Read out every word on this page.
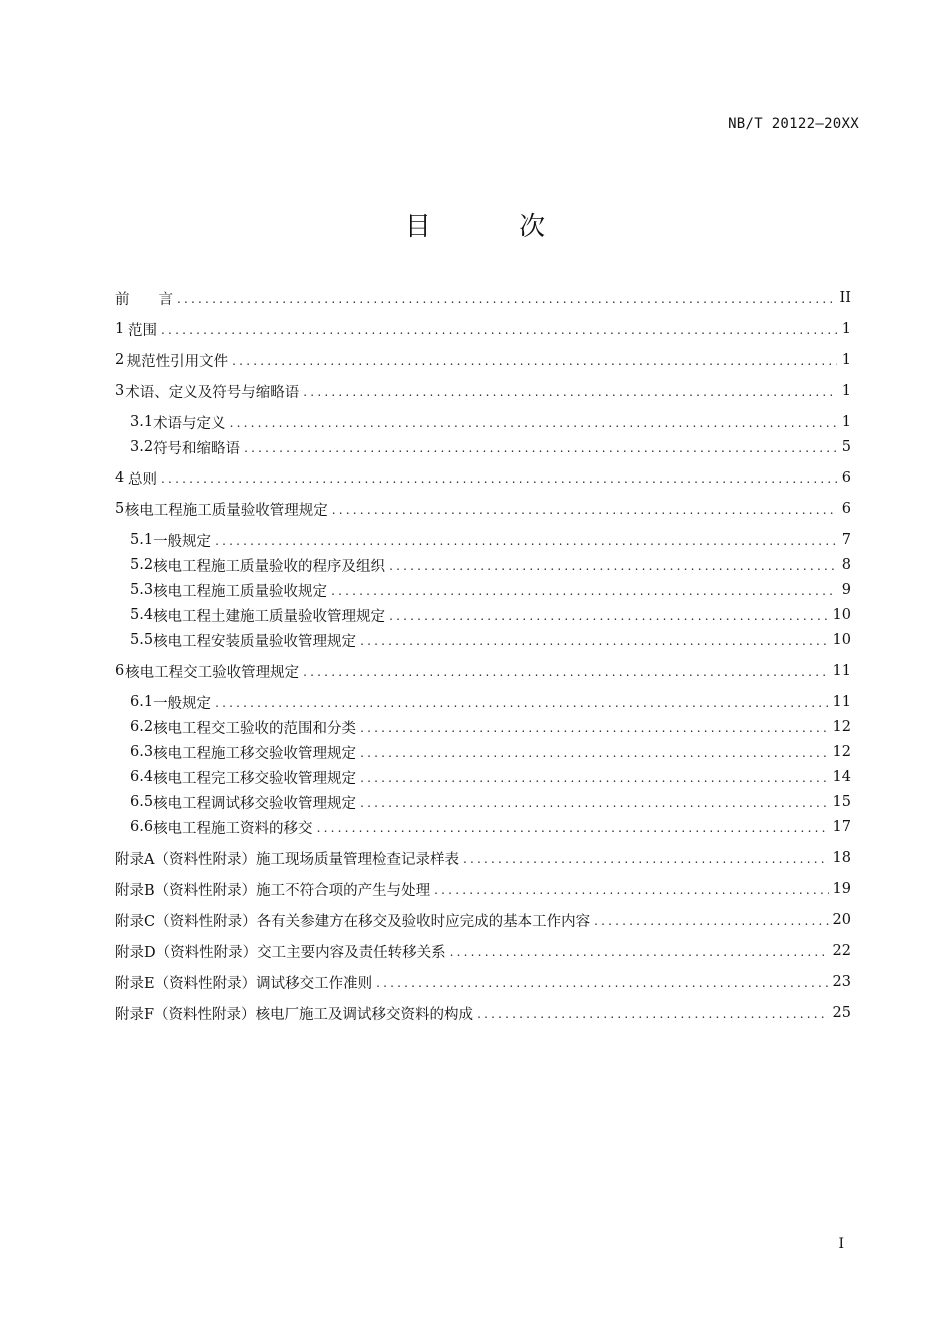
NB/T 20122—20XX
目 次
前　　言 .....	II
1 范围 .....	1
2 规范性引用文件 .....	1
3 术语、定义及符号与缩略语 .....	1
3.1 术语与定义 .....	1
3.2 符号和缩略语 .....	5
4 总则 .....	6
5 核电工程施工质量验收管理规定 .....	6
5.1 一般规定 .....	7
5.2 核电工程施工质量验收的程序及组织 .....	8
5.3 核电工程施工质量验收规定 .....	9
5.4 核电工程土建施工质量验收管理规定 .....	10
5.5 核电工程安装质量验收管理规定 .....	10
6 核电工程交工验收管理规定 .....	11
6.1 一般规定 .....	11
6.2 核电工程交工验收的范围和分类 .....	12
6.3 核电工程施工移交验收管理规定 .....	12
6.4 核电工程完工移交验收管理规定 .....	14
6.5 核电工程调试移交验收管理规定 .....	15
6.6 核电工程施工资料的移交 .....	17
附录A（资料性附录） 施工现场质量管理检查记录样表 .....	18
附录B（资料性附录） 施工不符合项的产生与处理 .....	19
附录C（资料性附录） 各有关参建方在移交及验收时应完成的基本工作内容 .....	20
附录D（资料性附录） 交工主要内容及责任转移关系 .....	22
附录E（资料性附录） 调试移交工作准则 .....	23
附录F（资料性附录） 核电厂施工及调试移交资料的构成 .....	25
I
